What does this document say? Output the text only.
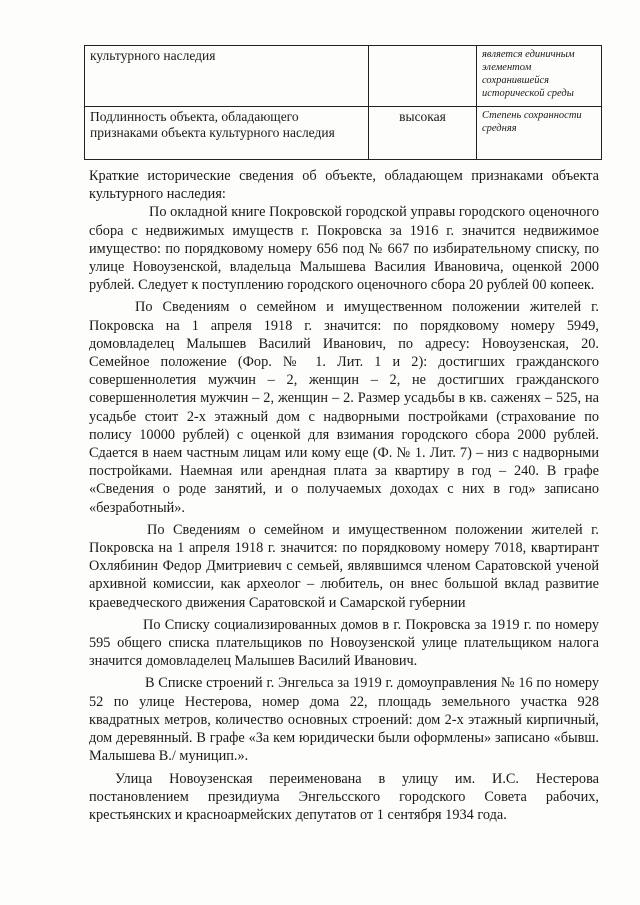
культурного наследия		является единичным элементом сохранившейся исторической среды
Подлинность объекта, обладающего признаками объекта культурного наследия	высокая	Степень сохранности средняя

Краткие исторические сведения об объекте, обладающем признаками объекта культурного наследия:

По окладной книге Покровской городской управы городского оценочного сбора с недвижимых имуществ г. Покровска за 1916 г. значится недвижимое имущество: по порядковому номеру 656 под № 667 по избирательному списку, по улице Новоузенской, владельца Малышева Василия Ивановича, оценкой 2000 рублей. Следует к поступлению городского оценочного сбора 20 рублей 00 копеек.

По Сведениям о семейном и имущественном положении жителей г. Покровска на 1 апреля 1918 г. значится: по порядковому номеру 5949, домовладелец Малышев Василий Иванович, по адресу: Новоузенская, 20. Семейное положение (Фор. № 1. Лит. 1 и 2): достигших гражданского совершеннолетия мужчин – 2, женщин – 2, не достигших гражданского совершеннолетия мужчин – 2, женщин – 2. Размер усадьбы в кв. саженях – 525, на усадьбе стоит 2-х этажный дом с надворными постройками (страхование по полису 10000 рублей) с оценкой для взимания городского сбора 2000 рублей. Сдается в наем частным лицам или кому еще (Ф. № 1. Лит. 7) – низ с надворными постройками. Наемная или арендная плата за квартиру в год – 240. В графе «Сведения о роде занятий, и о получаемых доходах с них в год» записано «безработный».

По Сведениям о семейном и имущественном положении жителей г. Покровска на 1 апреля 1918 г. значится: по порядковому номеру 7018, квартирант Охлябинин Федор Дмитриевич с семьей, являвшимся членом Саратовской ученой архивной комиссии, как археолог – любитель, он внес большой вклад развитие краеведческого движения Саратовской и Самарской губернии

По Списку социализированных домов в г. Покровска за 1919 г. по номеру 595 общего списка плательщиков по Новоузенской улице плательщиком налога значится домовладелец Малышев Василий Иванович.

В Списке строений г. Энгельса за 1919 г. домоуправления № 16 по номеру 52 по улице Нестерова, номер дома 22, площадь земельного участка 928 квадратных метров, количество основных строений: дом 2-х этажный кирпичный, дом деревянный. В графе «За кем юридически были оформлены» записано «бывш. Малышева В./ муницип.».

Улица Новоузенская переименована в улицу им. И.С. Нестерова постановлением президиума Энгельсского городского Совета рабочих, крестьянских и красноармейских депутатов от 1 сентября 1934 года.
